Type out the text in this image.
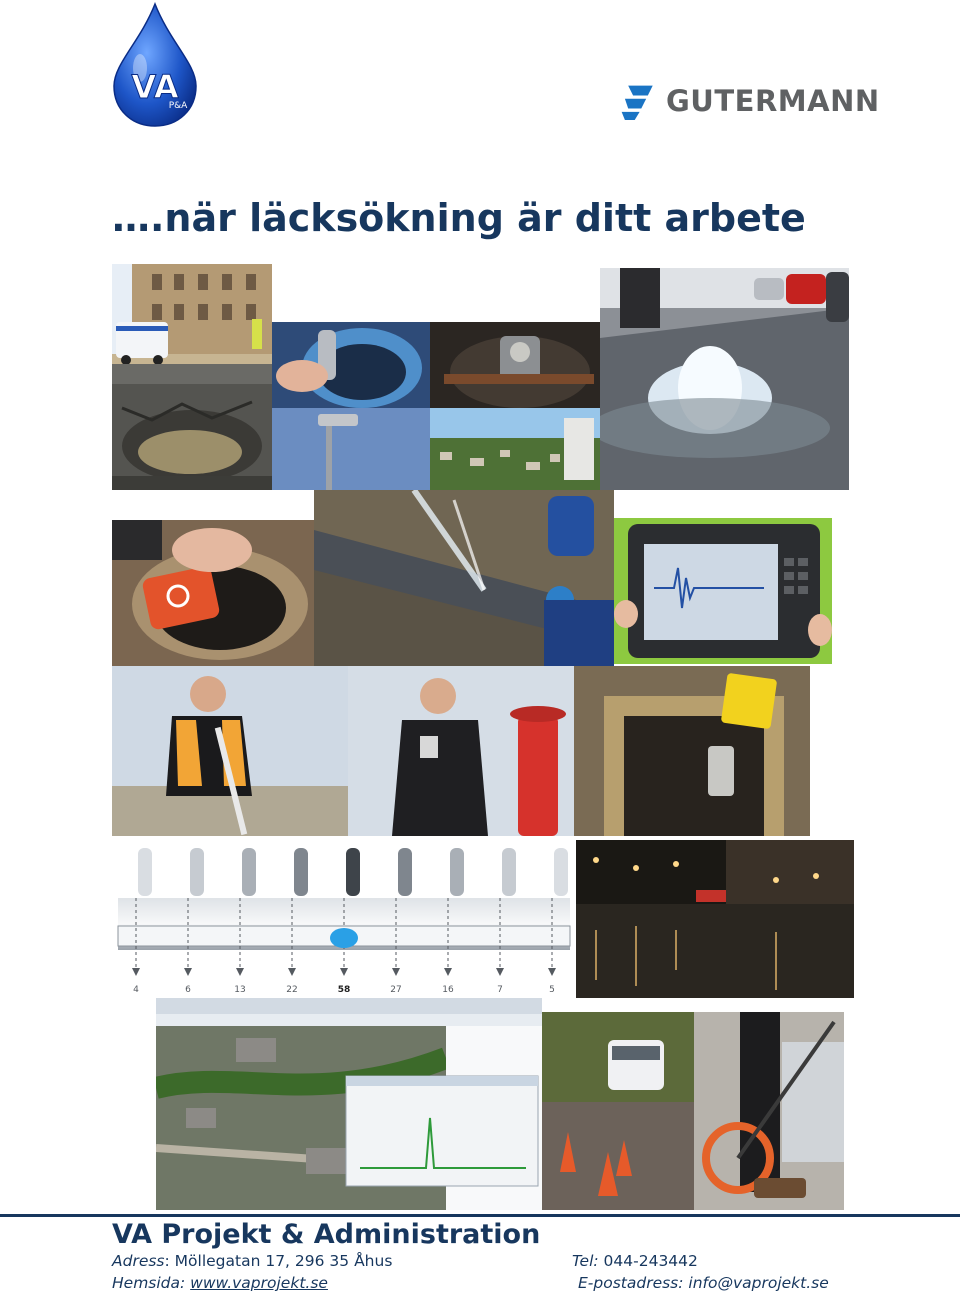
VA
P&A	GUTERMANN
….när läcksökning är ditt arbete
4	6	13	22	58	27	16	7	5
VA Projekt & Administration
Adress: Möllegatan 17, 296 35 Åhus
Hemsida: www.vaprojekt.se
Tel: 044-243442
E-postadress: info@vaprojekt.se
